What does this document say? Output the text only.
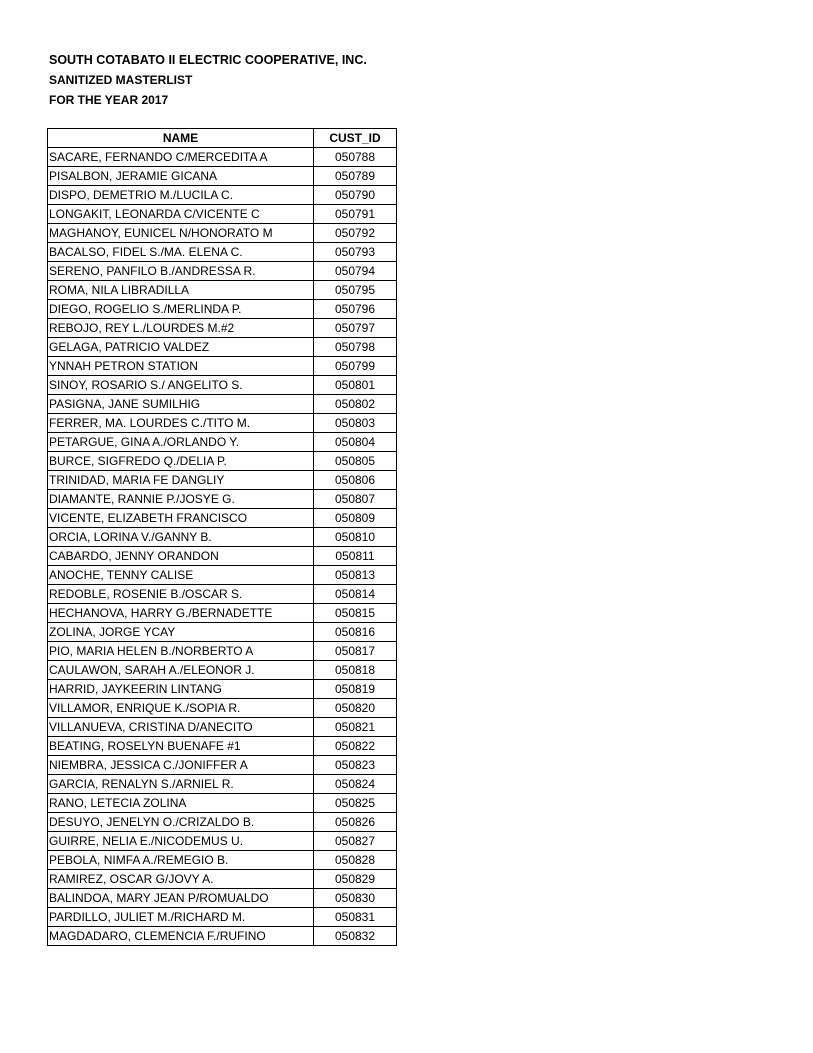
SOUTH COTABATO II ELECTRIC COOPERATIVE, INC.
SANITIZED MASTERLIST
FOR THE YEAR 2017
NAME	CUST_ID
SACARE, FERNANDO C/MERCEDITA A	050788
PISALBON, JERAMIE GICANA	050789
DISPO, DEMETRIO M./LUCILA C.	050790
LONGAKIT, LEONARDA C/VICENTE C	050791
MAGHANOY, EUNICEL N/HONORATO M	050792
BACALSO, FIDEL S./MA. ELENA C.	050793
SERENO, PANFILO B./ANDRESSA R.	050794
ROMA, NILA LIBRADILLA	050795
DIEGO, ROGELIO S./MERLINDA P.	050796
REBOJO, REY L./LOURDES M.#2	050797
GELAGA, PATRICIO VALDEZ	050798
YNNAH PETRON STATION	050799
SINOY, ROSARIO S./ ANGELITO S.	050801
PASIGNA, JANE SUMILHIG	050802
FERRER, MA. LOURDES C./TITO M.	050803
PETARGUE, GINA A./ORLANDO Y.	050804
BURCE, SIGFREDO Q./DELIA P.	050805
TRINIDAD, MARIA FE DANGLIY	050806
DIAMANTE, RANNIE P./JOSYE G.	050807
VICENTE, ELIZABETH FRANCISCO	050809
ORCIA, LORINA V./GANNY B.	050810
CABARDO, JENNY ORANDON	050811
ANOCHE, TENNY CALISE	050813
REDOBLE, ROSENIE B./OSCAR S.	050814
HECHANOVA, HARRY G./BERNADETTE	050815
ZOLINA, JORGE YCAY	050816
PIO, MARIA HELEN B./NORBERTO A	050817
CAULAWON, SARAH A./ELEONOR J.	050818
HARRID, JAYKEERIN LINTANG	050819
VILLAMOR, ENRIQUE K./SOPIA R.	050820
VILLANUEVA, CRISTINA D/ANECITO	050821
BEATING, ROSELYN BUENAFE #1	050822
NIEMBRA, JESSICA C./JONIFFER A	050823
GARCIA, RENALYN S./ARNIEL R.	050824
RANO, LETECIA ZOLINA	050825
DESUYO, JENELYN O./CRIZALDO B.	050826
GUIRRE, NELIA E./NICODEMUS U.	050827
PEBOLA, NIMFA A./REMEGIO B.	050828
RAMIREZ, OSCAR G/JOVY A.	050829
BALINDOA, MARY JEAN P/ROMUALDO	050830
PARDILLO, JULIET M./RICHARD M.	050831
MAGDADARO, CLEMENCIA F./RUFINO	050832
